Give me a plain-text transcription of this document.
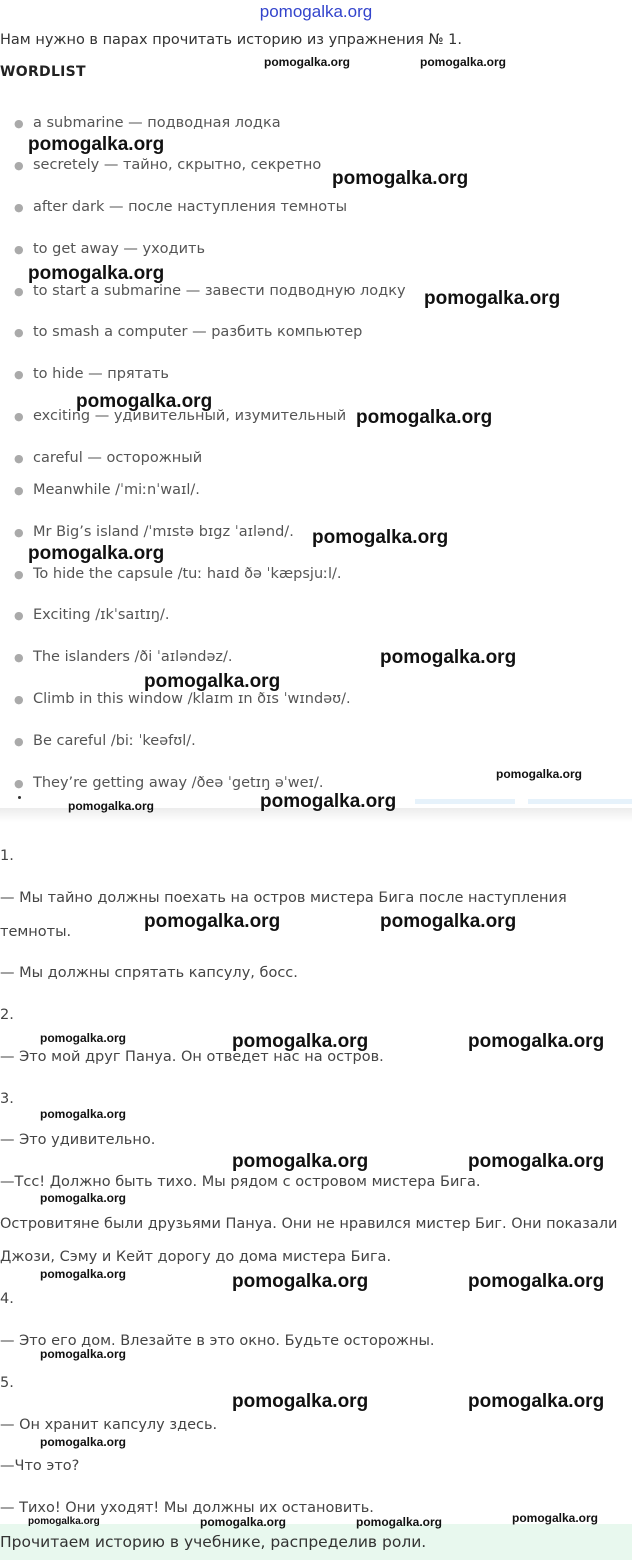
pomogalka.org
Нам нужно в парах прочитать историю из упражнения № 1.
WORDLIST
● a submarine — подводная лодка
● secretely — тайно, скрытно, секретно
● after dark — после наступления темноты
● to get away — уходить
● to start a submarine — завести подводную лодку
● to smash a computer — разбить компьютер
● to hide — прятать
● exciting — удивительный, изумительный
● careful — осторожный
● Meanwhile /ˈmiːnˈwaɪl/.
● Mr Big’s island /ˈmɪstə bɪgz ˈaɪlənd/.
● To hide the capsule /tuː haɪd ðə ˈkæpsjuːl/.
● Exciting /ɪkˈsaɪtɪŋ/.
● The islanders /ði ˈaɪləndəz/.
● Climb in this window /klaɪm ɪn ðɪs ˈwɪndəʊ/.
● Be careful /biː ˈkeəfʊl/.
● They’re getting away /ðeə ˈgetɪŋ əˈweɪ/.
1.
— Мы тайно должны поехать на остров мистера Бига после наступления
темноты.
— Мы должны спрятать капсулу, босс.
2.
— Это мой друг Пануа. Он отведет нас на остров.
3.
— Это удивительно.
—Тсс! Должно быть тихо. Мы рядом с островом мистера Бига.
Островитяне были друзьями Пануа. Они не нравился мистер Биг. Они показали
Джози, Сэму и Кейт дорогу до дома мистера Бига.
4.
— Это его дом. Влезайте в это окно. Будьте осторожны.
5.
— Он хранит капсулу здесь.
—Что это?
— Тихо! Они уходят! Мы должны их остановить.
Прочитаем историю в учебнике, распределив роли.
pomogalka.org	pomogalka.org
pomogalka.org
pomogalka.org
pomogalka.org
pomogalka.org
pomogalka.org
pomogalka.org
pomogalka.org
pomogalka.org
pomogalka.org
pomogalka.org
pomogalka.org
pomogalka.org
pomogalka.org
pomogalka.org	pomogalka.org
pomogalka.org	pomogalka.org	pomogalka.org
pomogalka.org
pomogalka.org	pomogalka.org
pomogalka.org
pomogalka.org	pomogalka.org	pomogalka.org
pomogalka.org
pomogalka.org	pomogalka.org
pomogalka.org
pomogalka.org
pomogalka.org	pomogalka.org	pomogalka.org
